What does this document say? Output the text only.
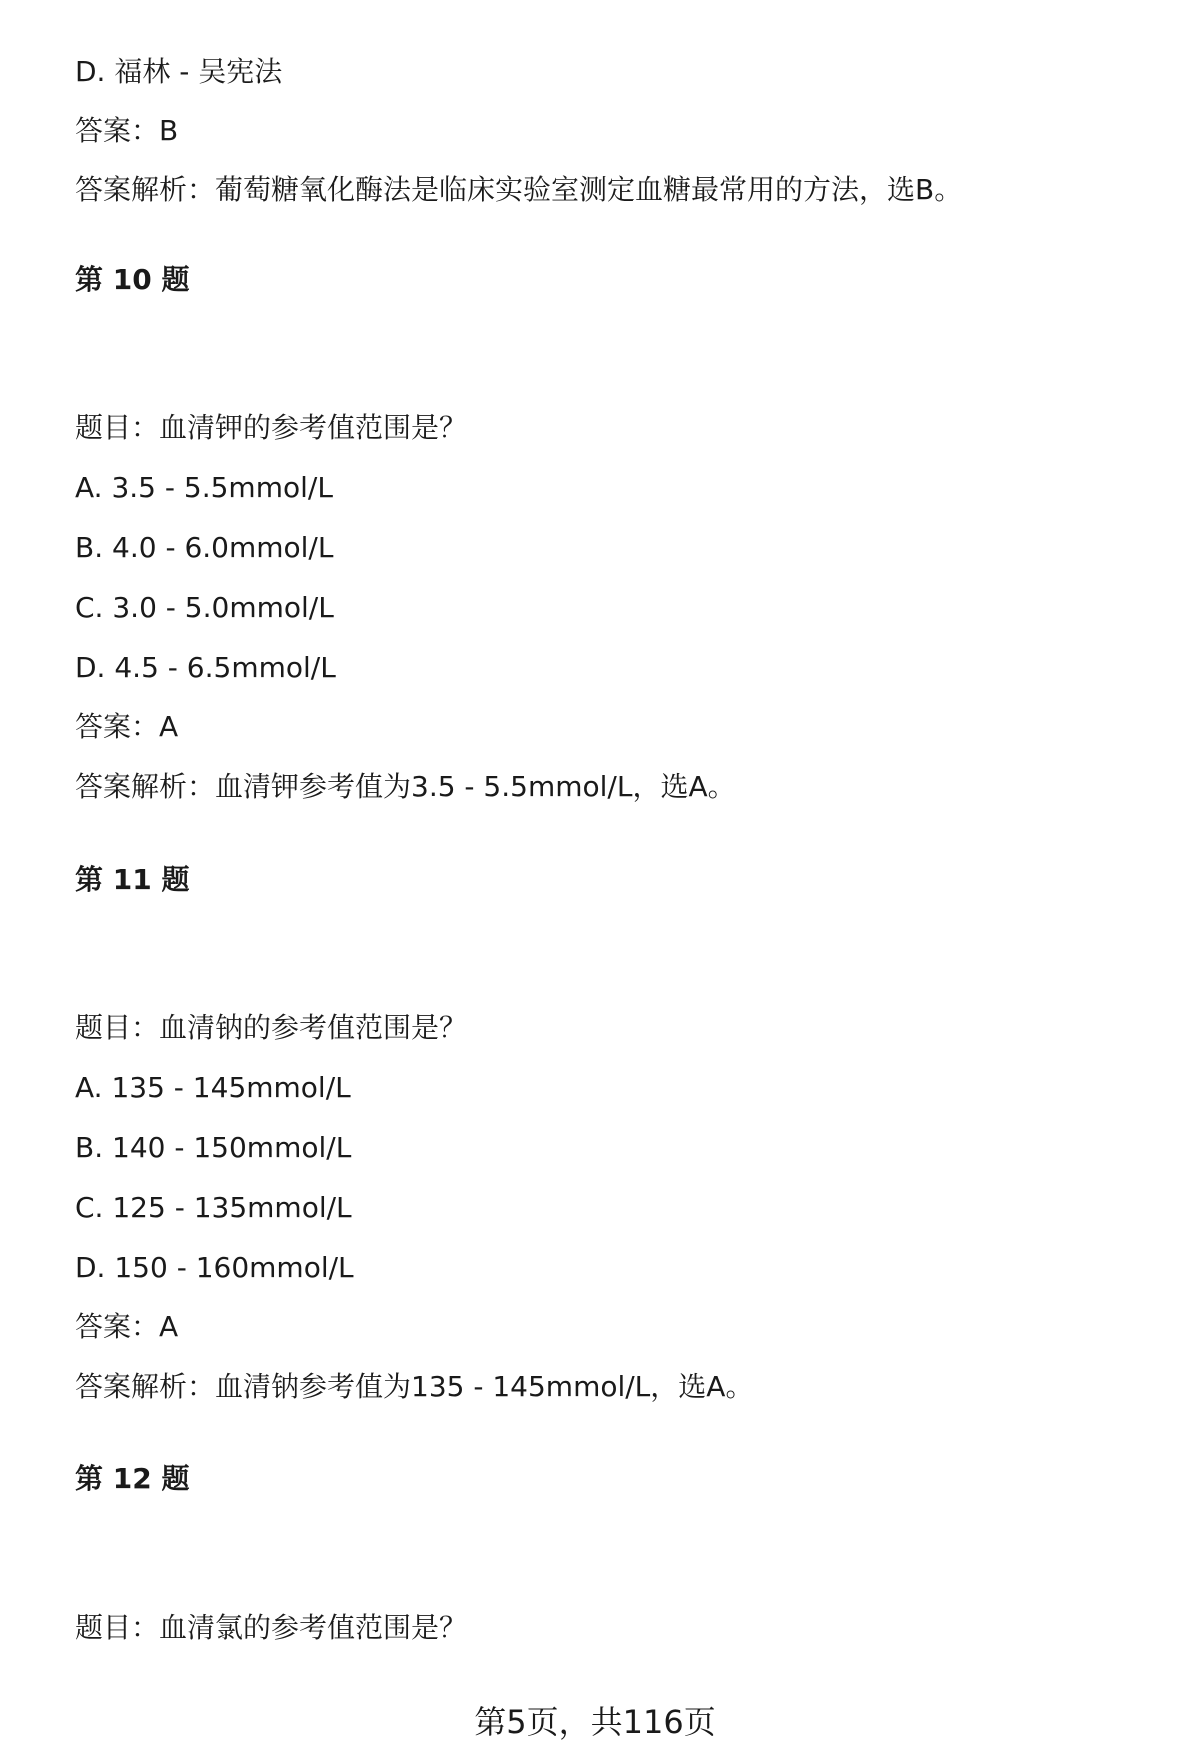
D. 福林 - 吴宪法
答案：B
答案解析：葡萄糖氧化酶法是临床实验室测定血糖最常用的方法，选B。
第 10 题
题目：血清钾的参考值范围是？
A. 3.5 - 5.5mmol/L
B. 4.0 - 6.0mmol/L
C. 3.0 - 5.0mmol/L
D. 4.5 - 6.5mmol/L
答案：A
答案解析：血清钾参考值为3.5 - 5.5mmol/L，选A。
第 11 题
题目：血清钠的参考值范围是？
A. 135 - 145mmol/L
B. 140 - 150mmol/L
C. 125 - 135mmol/L
D. 150 - 160mmol/L
答案：A
答案解析：血清钠参考值为135 - 145mmol/L，选A。
第 12 题
题目：血清氯的参考值范围是？
第5页，共116页
